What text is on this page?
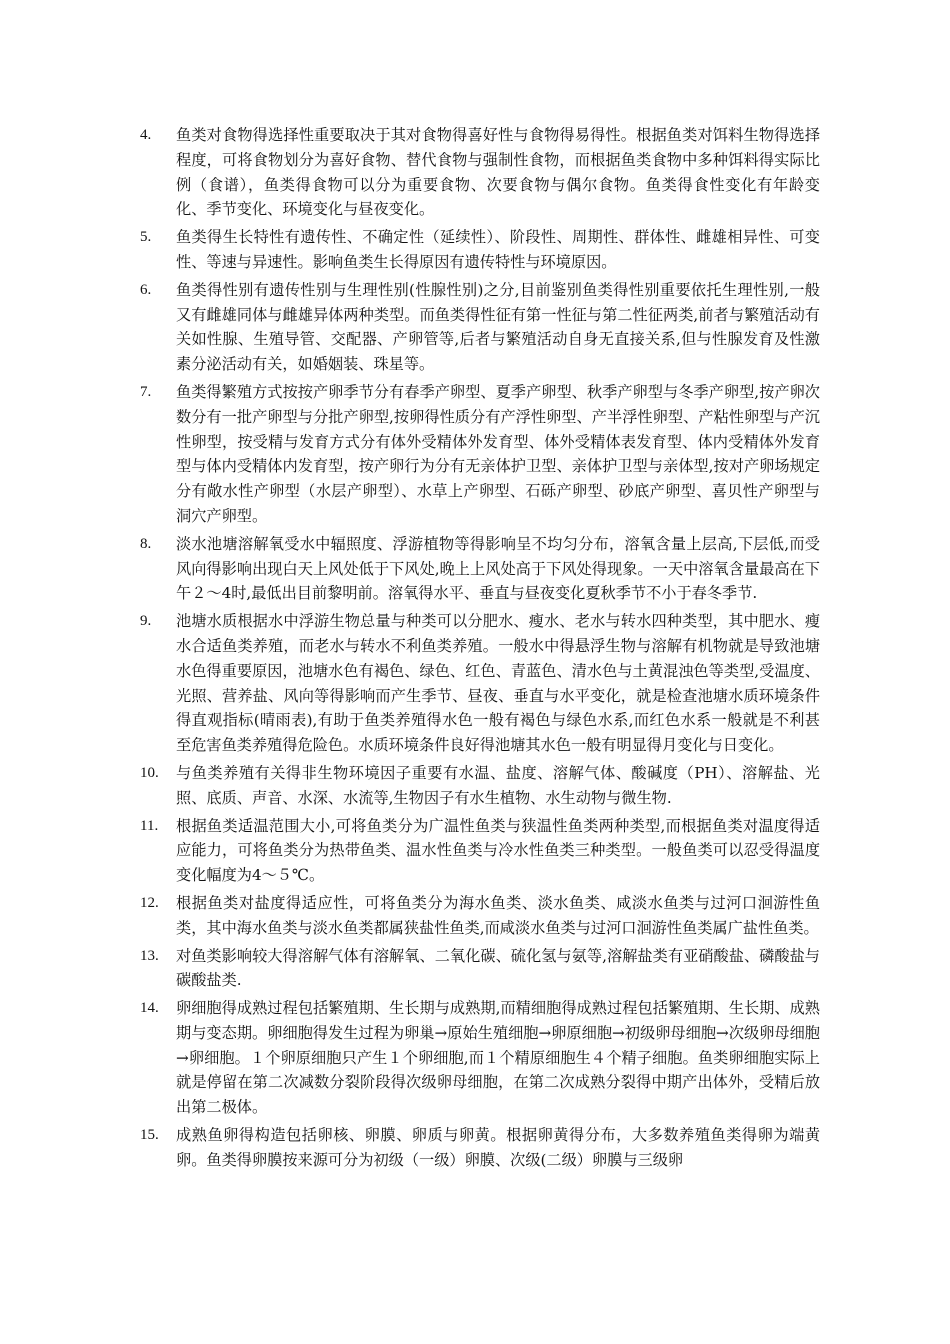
4. 鱼类对食物得选择性重要取决于其对食物得喜好性与食物得易得性。根据鱼类对饵料生物得选择程度，可将食物划分为喜好食物、替代食物与强制性食物，而根据鱼类食物中多种饵料得实际比例（食谱），鱼类得食物可以分为重要食物、次要食物与偶尔食物。鱼类得食性变化有年龄变化、季节变化、环境变化与昼夜变化。
5. 鱼类得生长特性有遗传性、不确定性（延续性）、阶段性、周期性、群体性、雌雄相异性、可变性、等速与异速性。影响鱼类生长得原因有遗传特性与环境原因。
6. 鱼类得性别有遗传性别与生理性别(性腺性别)之分,目前鉴别鱼类得性别重要依托生理性别,一般又有雌雄同体与雌雄异体两种类型。而鱼类得性征有第一性征与第二性征两类,前者与繁殖活动有关如性腺、生殖导管、交配器、产卵管等,后者与繁殖活动自身无直接关系,但与性腺发育及性激素分泌活动有关，如婚姻装、珠星等。
7. 鱼类得繁殖方式按按产卵季节分有春季产卵型、夏季产卵型、秋季产卵型与冬季产卵型,按产卵次数分有一批产卵型与分批产卵型,按卵得性质分有产浮性卵型、产半浮性卵型、产粘性卵型与产沉性卵型，按受精与发育方式分有体外受精体外发育型、体外受精体表发育型、体内受精体外发育型与体内受精体内发育型，按产卵行为分有无亲体护卫型、亲体护卫型与亲体型,按对产卵场规定分有敞水性产卵型（水层产卵型）、水草上产卵型、石砾产卵型、砂底产卵型、喜贝性产卵型与洞穴产卵型。
8. 淡水池塘溶解氧受水中辐照度、浮游植物等得影响呈不均匀分布，溶氧含量上层高,下层低,而受风向得影响出现白天上风处低于下风处,晚上上风处高于下风处得现象。一天中溶氧含量最高在下午２～4时,最低出目前黎明前。溶氧得水平、垂直与昼夜变化夏秋季节不小于春冬季节.
9. 池塘水质根据水中浮游生物总量与种类可以分肥水、瘦水、老水与转水四种类型，其中肥水、瘦水合适鱼类养殖，而老水与转水不利鱼类养殖。一般水中得悬浮生物与溶解有机物就是导致池塘水色得重要原因，池塘水色有褐色、绿色、红色、青蓝色、清水色与土黄混浊色等类型,受温度、光照、营养盐、风向等得影响而产生季节、昼夜、垂直与水平变化，就是检查池塘水质环境条件得直观指标(晴雨表),有助于鱼类养殖得水色一般有褐色与绿色水系,而红色水系一般就是不利甚至危害鱼类养殖得危险色。水质环境条件良好得池塘其水色一般有明显得月变化与日变化。
10. 与鱼类养殖有关得非生物环境因子重要有水温、盐度、溶解气体、酸碱度（PH）、溶解盐、光照、底质、声音、水深、水流等,生物因子有水生植物、水生动物与微生物.
11. 根据鱼类适温范围大小,可将鱼类分为广温性鱼类与狭温性鱼类两种类型,而根据鱼类对温度得适应能力，可将鱼类分为热带鱼类、温水性鱼类与冷水性鱼类三种类型。一般鱼类可以忍受得温度变化幅度为4～５℃。
12. 根据鱼类对盐度得适应性，可将鱼类分为海水鱼类、淡水鱼类、咸淡水鱼类与过河口洄游性鱼类，其中海水鱼类与淡水鱼类都属狭盐性鱼类,而咸淡水鱼类与过河口洄游性鱼类属广盐性鱼类。
13. 对鱼类影响较大得溶解气体有溶解氧、二氧化碳、硫化氢与氨等,溶解盐类有亚硝酸盐、磷酸盐与碳酸盐类.
14. 卵细胞得成熟过程包括繁殖期、生长期与成熟期,而精细胞得成熟过程包括繁殖期、生长期、成熟期与变态期。卵细胞得发生过程为卵巢→原始生殖细胞→卵原细胞→初级卵母细胞→次级卵母细胞→卵细胞。１个卵原细胞只产生１个卵细胞,而１个精原细胞生４个精子细胞。鱼类卵细胞实际上就是停留在第二次减数分裂阶段得次级卵母细胞，在第二次成熟分裂得中期产出体外，受精后放出第二极体。
15. 成熟鱼卵得构造包括卵核、卵膜、卵质与卵黄。根据卵黄得分布，大多数养殖鱼类得卵为端黄卵。鱼类得卵膜按来源可分为初级（一级）卵膜、次级(二级）卵膜与三级卵
